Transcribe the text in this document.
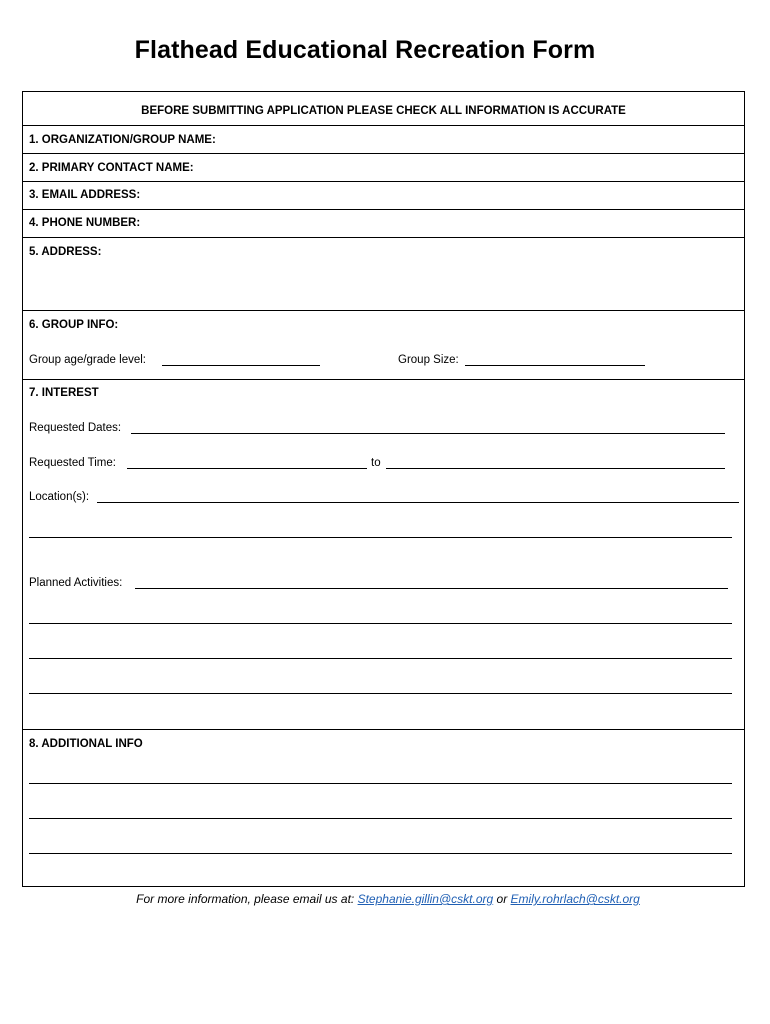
Flathead Educational Recreation Form
BEFORE SUBMITTING APPLICATION PLEASE CHECK ALL INFORMATION IS ACCURATE
1. ORGANIZATION/GROUP NAME:
2. PRIMARY CONTACT NAME:
3. EMAIL ADDRESS:
4. PHONE NUMBER:
5. ADDRESS:
6. GROUP INFO:
Group age/grade level:	Group Size:
7. INTEREST
Requested Dates:
Requested Time:	to
Location(s):
Planned Activities:
8. ADDITIONAL INFO
For more information, please email us at: Stephanie.gillin@cskt.org or Emily.rohrlach@cskt.org
